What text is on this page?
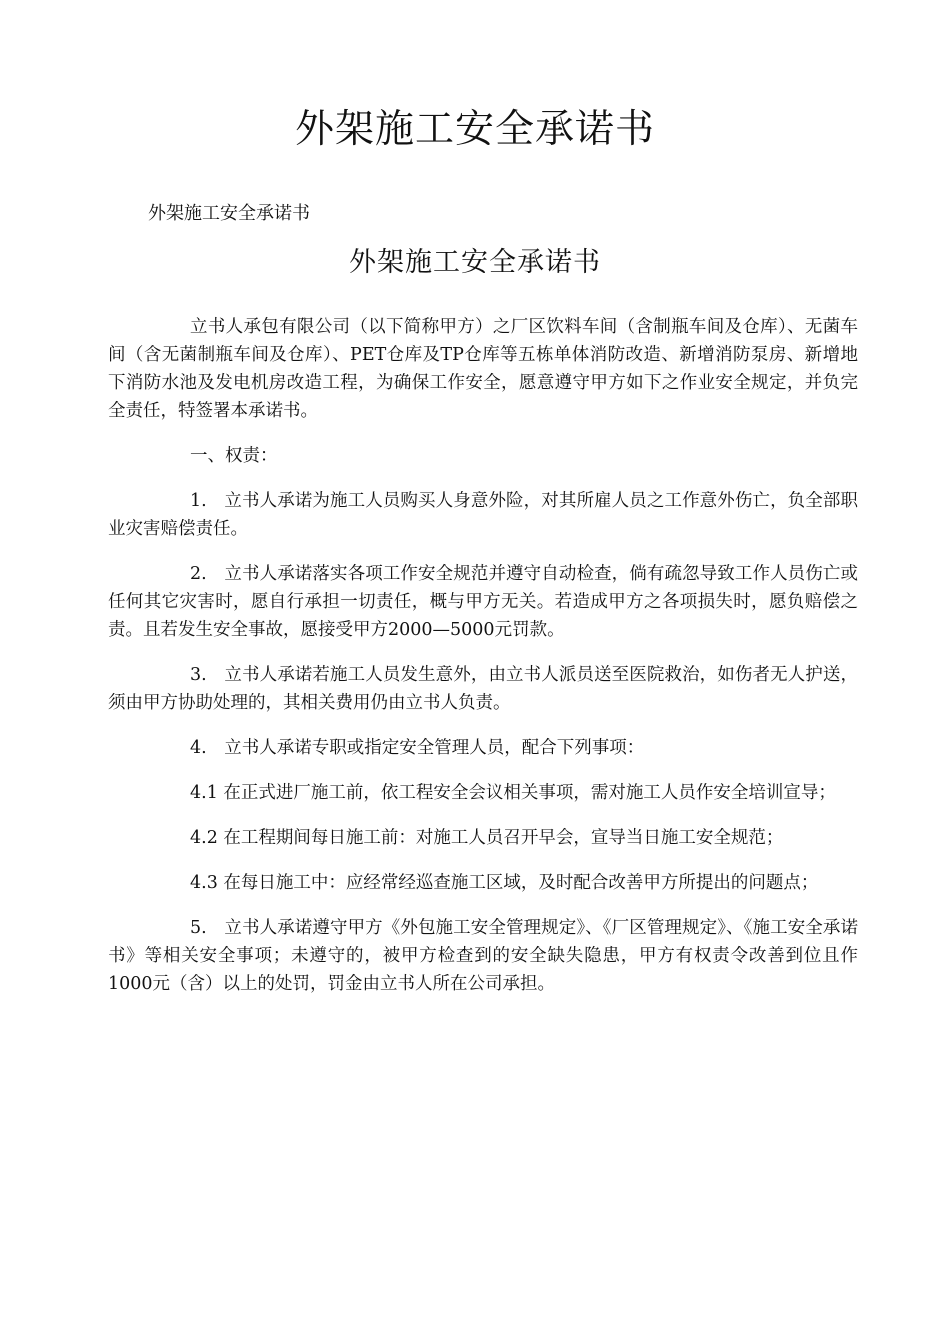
外架施工安全承诺书
外架施工安全承诺书
外架施工安全承诺书

立书人承包有限公司（以下简称甲方）之厂区饮料车间（含制瓶车间及仓库）、无菌车间（含无菌制瓶车间及仓库）、PET仓库及TP仓库等五栋单体消防改造、新增消防泵房、新增地下消防水池及发电机房改造工程，为确保工作安全，愿意遵守甲方如下之作业安全规定，并负完全责任，特签署本承诺书。

一、权责：

1.　立书人承诺为施工人员购买人身意外险，对其所雇人员之工作意外伤亡，负全部职业灾害赔偿责任。

2.　立书人承诺落实各项工作安全规范并遵守自动检查，倘有疏忽导致工作人员伤亡或任何其它灾害时，愿自行承担一切责任，概与甲方无关。若造成甲方之各项损失时，愿负赔偿之责。且若发生安全事故，愿接受甲方2000—5000元罚款。

3.　立书人承诺若施工人员发生意外，由立书人派员送至医院救治，如伤者无人护送，须由甲方协助处理的，其相关费用仍由立书人负责。

4.　立书人承诺专职或指定安全管理人员，配合下列事项：

4.1 在正式进厂施工前，依工程安全会议相关事项，需对施工人员作安全培训宣导；

4.2 在工程期间每日施工前：对施工人员召开早会，宣导当日施工安全规范；

4.3 在每日施工中：应经常经巡查施工区域，及时配合改善甲方所提出的问题点；

5.　立书人承诺遵守甲方《外包施工安全管理规定》、《厂区管理规定》、《施工安全承诺书》等相关安全事项；未遵守的，被甲方检查到的安全缺失隐患，甲方有权责令改善到位且作1000元（含）以上的处罚，罚金由立书人所在公司承担。
